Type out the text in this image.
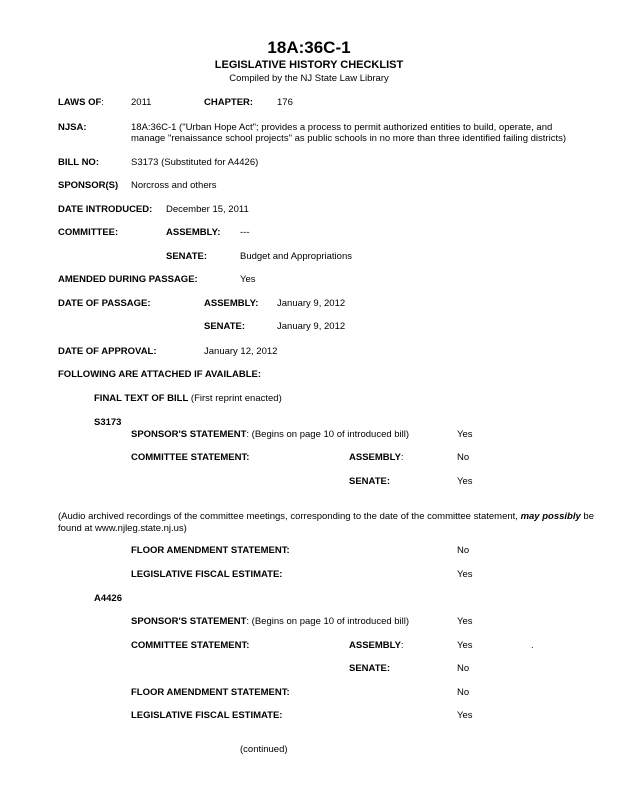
18A:36C-1
LEGISLATIVE HISTORY CHECKLIST
Compiled by the NJ State Law Library
LAWS OF:	2011	CHAPTER:	176
NJSA:	18A:36C-1 ("Urban Hope Act"; provides a process to permit authorized entities to build, operate, and
manage "renaissance school projects" as public schools in no more than three identified failing districts)
BILL NO:	S3173 (Substituted for A4426)
SPONSOR(S) Norcross and others
DATE INTRODUCED: December 15, 2011
COMMITTEE:	ASSEMBLY: ---
SENATE:	Budget and Appropriations
AMENDED DURING PASSAGE:	Yes
DATE OF PASSAGE:	ASSEMBLY: January 9, 2012
SENATE:	January 9, 2012
DATE OF APPROVAL:	January 12, 2012
FOLLOWING ARE ATTACHED IF AVAILABLE:
FINAL TEXT OF BILL (First reprint enacted)
S3173
SPONSOR'S STATEMENT: (Begins on page 10 of introduced bill)	Yes
COMMITTEE STATEMENT:	ASSEMBLY:	No
SENATE:	Yes
(Audio archived recordings of the committee meetings, corresponding to the date of the committee statement, may possibly be found at www.njleg.state.nj.us)
FLOOR AMENDMENT STATEMENT:	No
LEGISLATIVE FISCAL ESTIMATE:	Yes
A4426
SPONSOR'S STATEMENT: (Begins on page 10 of introduced bill)	Yes
COMMITTEE STATEMENT:	ASSEMBLY:	Yes	.
SENATE:	No
FLOOR AMENDMENT STATEMENT:	No
LEGISLATIVE FISCAL ESTIMATE:	Yes
(continued)
